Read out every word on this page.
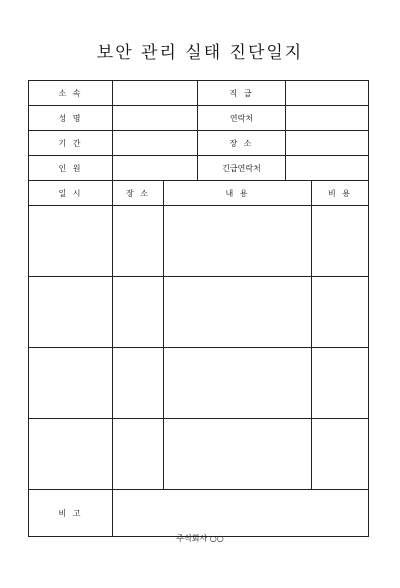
보안 관리 실태 진단일지
소 속			직 급		
성 명			연락처		
기 간			장 소		
인 원			긴급연락처		
일 시	장 소	내 용			비 용

비 고					
주식회사 ○○
